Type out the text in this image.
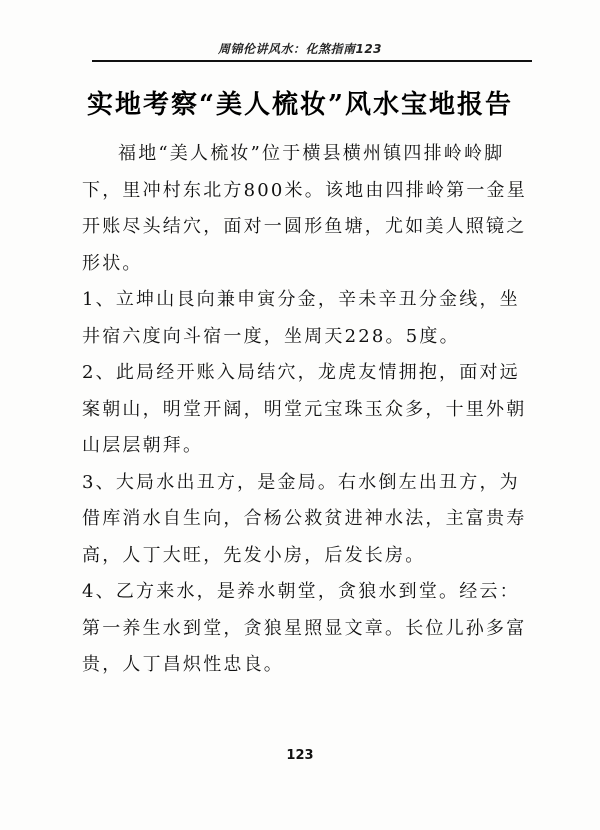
周锦伦讲风水：化煞指南123
实地考察“美人梳妆”风水宝地报告

福地“美人梳妆”位于横县横州镇四排岭岭脚下，里冲村东北方800米。该地由四排岭第一金星开账尽头结穴，面对一圆形鱼塘，尤如美人照镜之形状。

1、立坤山艮向兼申寅分金，辛未辛丑分金线，坐井宿六度向斗宿一度，坐周天228。5度。

2、此局经开账入局结穴，龙虎友情拥抱，面对远案朝山，明堂开阔，明堂元宝珠玉众多，十里外朝山层层朝拜。

3、大局水出丑方，是金局。右水倒左出丑方，为借库消水自生向，合杨公救贫进神水法，主富贵寿高，人丁大旺，先发小房，后发长房。

4、乙方来水，是养水朝堂，贪狼水到堂。经云：第一养生水到堂，贪狼星照显文章。长位儿孙多富贵，人丁昌炽性忠良。

123
